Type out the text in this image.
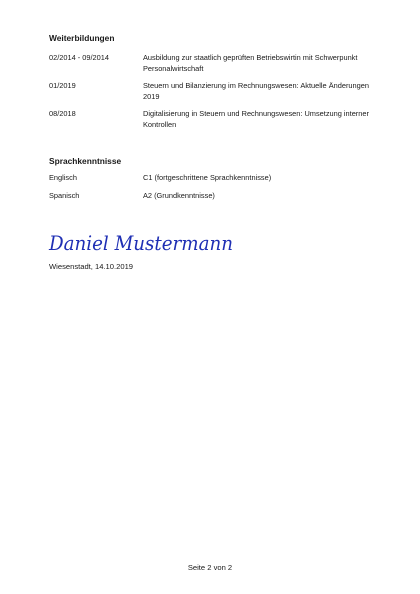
Weiterbildungen
02/2014 - 09/2014	Ausbildung zur staatlich geprüften Betriebswirtin mit Schwerpunkt Personalwirtschaft
01/2019	Steuern und Bilanzierung im Rechnungswesen: Aktuelle Änderungen 2019
08/2018	Digitalisierung in Steuern und Rechnungswesen: Umsetzung interner Kontrollen
Sprachkenntnisse
Englisch	C1 (fortgeschrittene Sprachkenntnisse)
Spanisch	A2 (Grundkenntnisse)
Daniel Mustermann
Wiesenstadt, 14.10.2019
Seite 2 von 2
